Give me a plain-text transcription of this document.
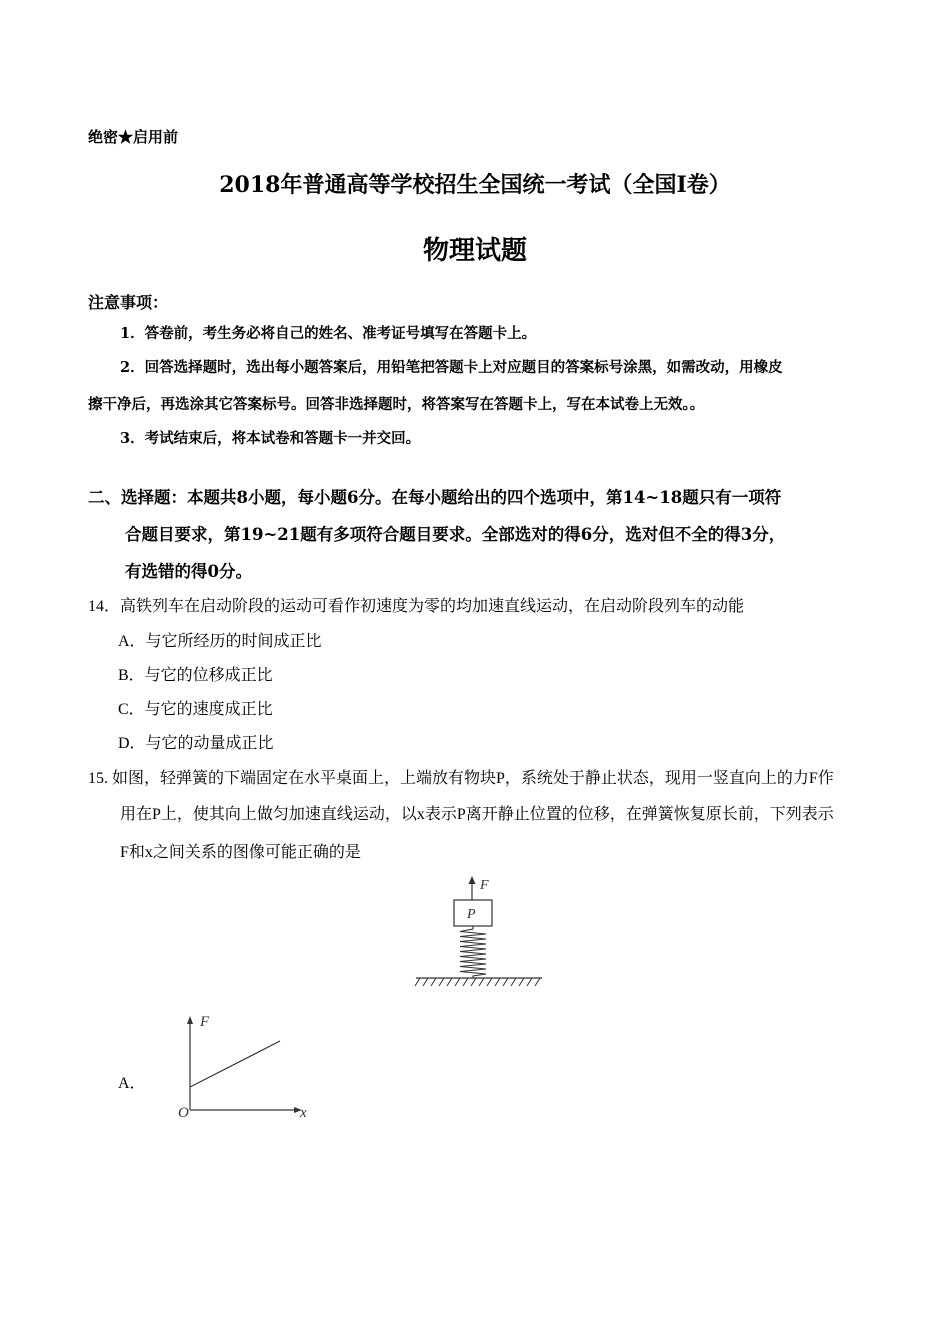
绝密★启用前
2018年普通高等学校招生全国统一考试（全国I卷）
物理试题
注意事项：
1．答卷前，考生务必将自己的姓名、准考证号填写在答题卡上。
2．回答选择题时，选出每小题答案后，用铅笔把答题卡上对应题目的答案标号涂黑，如需改动，用橡皮
擦干净后，再选涂其它答案标号。回答非选择题时，将答案写在答题卡上，写在本试卷上无效。。
3．考试结束后，将本试卷和答题卡一并交回。
二、选择题：本题共8小题，每小题6分。在每小题给出的四个选项中，第14~18题只有一项符
合题目要求，第19~21题有多项符合题目要求。全部选对的得6分，选对但不全的得3分，
有选错的得0分。
14．高铁列车在启动阶段的运动可看作初速度为零的均加速直线运动，在启动阶段列车的动能
A．与它所经历的时间成正比
B．与它的位移成正比
C．与它的速度成正比
D．与它的动量成正比
15. 如图，轻弹簧的下端固定在水平桌面上，上端放有物块P，系统处于静止状态，现用一竖直向上的力F作
用在P上，使其向上做匀加速直线运动，以x表示P离开静止位置的位移，在弹簧恢复原长前，下列表示
F和x之间关系的图像可能正确的是
F
P
A．
F
x
O
